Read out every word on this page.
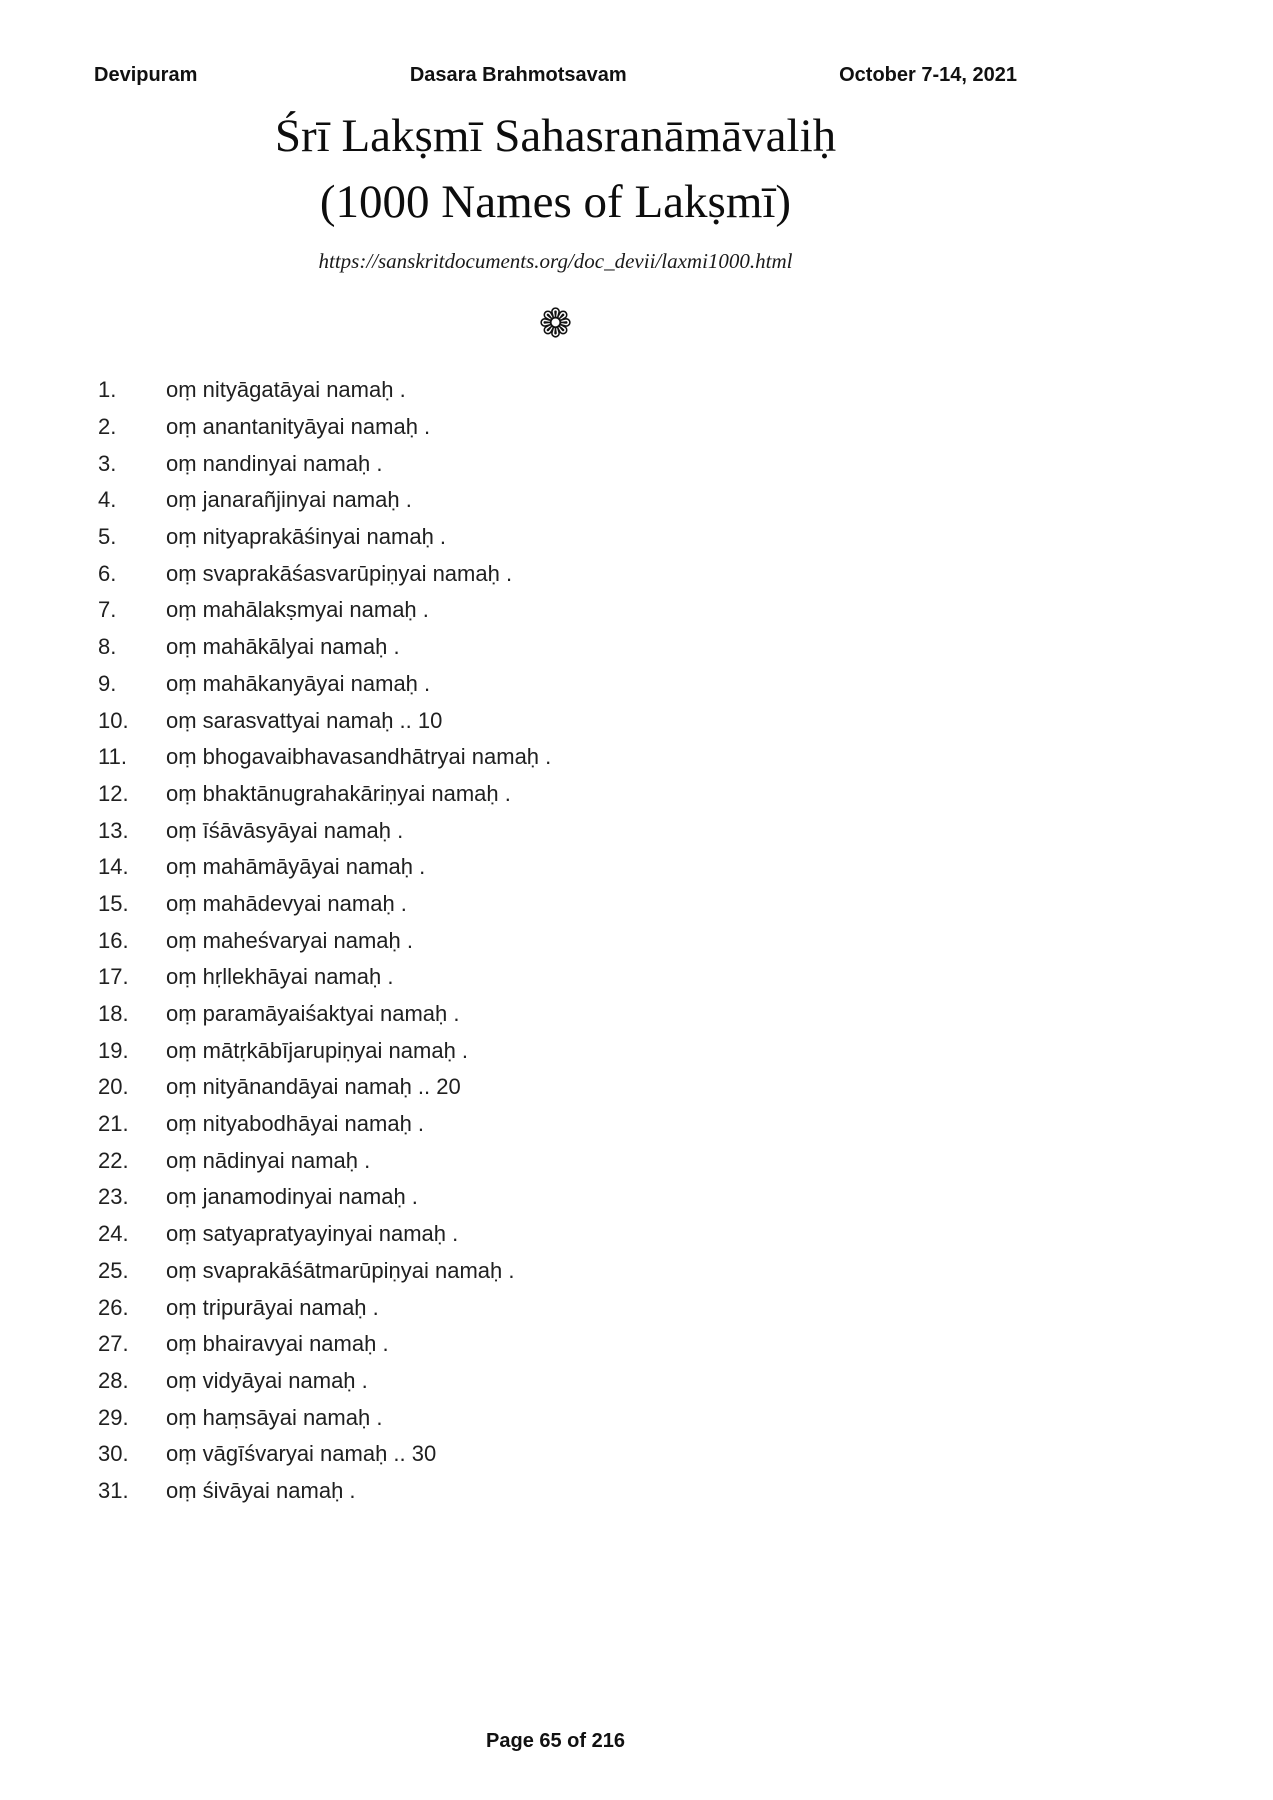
Devipuram	Dasara Brahmotsavam	October 7-14, 2021
Śrī Lakṣmī Sahasranāmāvaliḥ
(1000 Names of Lakṣmī)
https://sanskritdocuments.org/doc_devii/laxmi1000.html
❁
1.	oṃ nityāgatāyai namaḥ .
2.	oṃ anantanityāyai namaḥ .
3.	oṃ nandinyai namaḥ .
4.	oṃ janarañjinyai namaḥ .
5.	oṃ nityaprakāśinyai namaḥ .
6.	oṃ svaprakāśasvarūpiṇyai namaḥ .
7.	oṃ mahālakṣmyai namaḥ .
8.	oṃ mahākālyai namaḥ .
9.	oṃ mahākanyāyai namaḥ .
10.	oṃ sarasvattyai namaḥ .. 10
11.	oṃ bhogavaibhavasandhātryai namaḥ .
12.	oṃ bhaktānugrahakāriṇyai namaḥ .
13.	oṃ īśāvāsyāyai namaḥ .
14.	oṃ mahāmāyāyai namaḥ .
15.	oṃ mahādevyai namaḥ .
16.	oṃ maheśvaryai namaḥ .
17.	oṃ hṛllekhāyai namaḥ .
18.	oṃ paramāyaiśaktyai namaḥ .
19.	oṃ mātṛkābījarupiṇyai namaḥ .
20.	oṃ nityānandāyai namaḥ .. 20
21.	oṃ nityabodhāyai namaḥ .
22.	oṃ nādinyai namaḥ .
23.	oṃ janamodinyai namaḥ .
24.	oṃ satyapratyayinyai namaḥ .
25.	oṃ svaprakāśātmarūpiṇyai namaḥ .
26.	oṃ tripurāyai namaḥ .
27.	oṃ bhairavyai namaḥ .
28.	oṃ vidyāyai namaḥ .
29.	oṃ haṃsāyai namaḥ .
30.	oṃ vāgīśvaryai namaḥ .. 30
31.	oṃ śivāyai namaḥ .
Page 65 of 216
